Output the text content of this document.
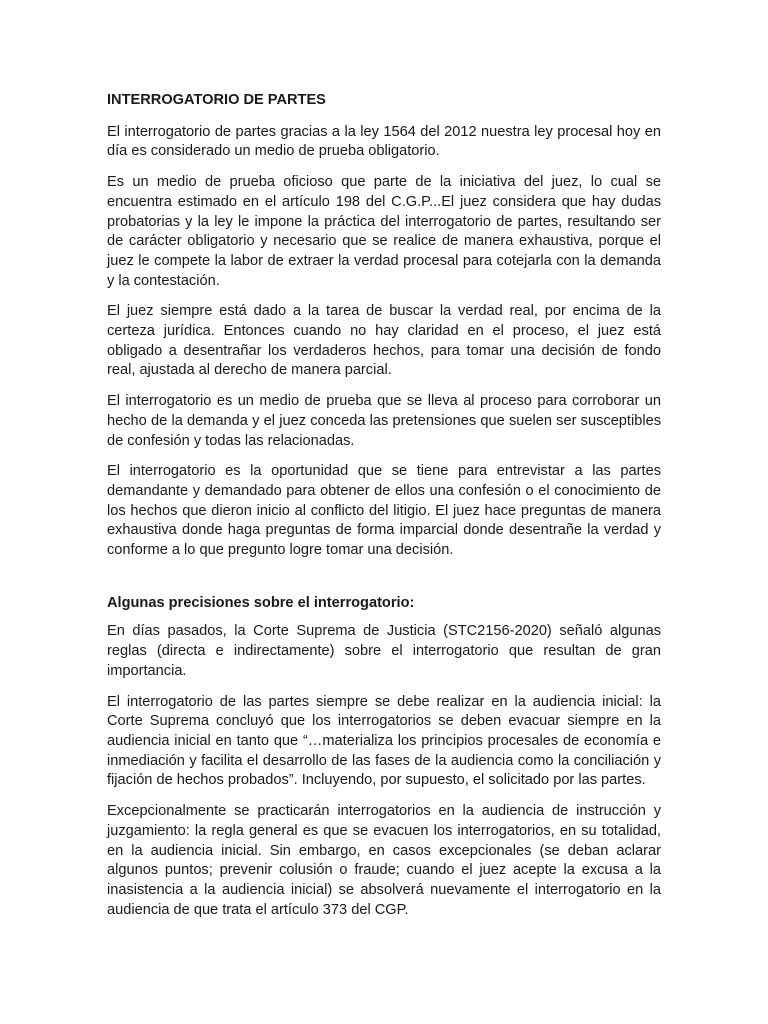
INTERROGATORIO DE PARTES

El interrogatorio de partes gracias a la ley 1564 del 2012 nuestra ley procesal hoy en día es considerado un medio de prueba obligatorio.

Es un medio de prueba oficioso que parte de la iniciativa del juez, lo cual se encuentra estimado en el artículo 198 del C.G.P...El juez considera que hay dudas probatorias y la ley le impone la práctica del interrogatorio de partes, resultando ser de carácter obligatorio y necesario que se realice de manera exhaustiva, porque el juez le compete la labor de extraer la verdad procesal para cotejarla con la demanda y la contestación.

El juez siempre está dado a la tarea de buscar la verdad real, por encima de la certeza jurídica. Entonces cuando no hay claridad en el proceso, el juez está obligado a desentrañar los verdaderos hechos, para tomar una decisión de fondo real, ajustada al derecho de manera parcial.

El interrogatorio es un medio de prueba que se lleva al proceso para corroborar un hecho de la demanda y el juez conceda las pretensiones que suelen ser susceptibles de confesión y todas las relacionadas.

El interrogatorio es la oportunidad que se tiene para entrevistar a las partes demandante y demandado para obtener de ellos una confesión o el conocimiento de los hechos que dieron inicio al conflicto del litigio. El juez hace preguntas de manera exhaustiva donde haga preguntas de forma imparcial donde desentrañe la verdad y conforme a lo que pregunto logre tomar una decisión.

Algunas precisiones sobre el interrogatorio:

En días pasados, la Corte Suprema de Justicia (STC2156-2020) señaló algunas reglas (directa e indirectamente) sobre el interrogatorio que resultan de gran importancia.

El interrogatorio de las partes siempre se debe realizar en la audiencia inicial: la Corte Suprema concluyó que los interrogatorios se deben evacuar siempre en la audiencia inicial en tanto que “…materializa los principios procesales de economía e inmediación y facilita el desarrollo de las fases de la audiencia como la conciliación y fijación de hechos probados”. Incluyendo, por supuesto, el solicitado por las partes.

Excepcionalmente se practicarán interrogatorios en la audiencia de instrucción y juzgamiento: la regla general es que se evacuen los interrogatorios, en su totalidad, en la audiencia inicial. Sin embargo, en casos excepcionales (se deban aclarar algunos puntos; prevenir colusión o fraude; cuando el juez acepte la excusa a la inasistencia a la audiencia inicial) se absolverá nuevamente el interrogatorio en la audiencia de que trata el artículo 373 del CGP.
